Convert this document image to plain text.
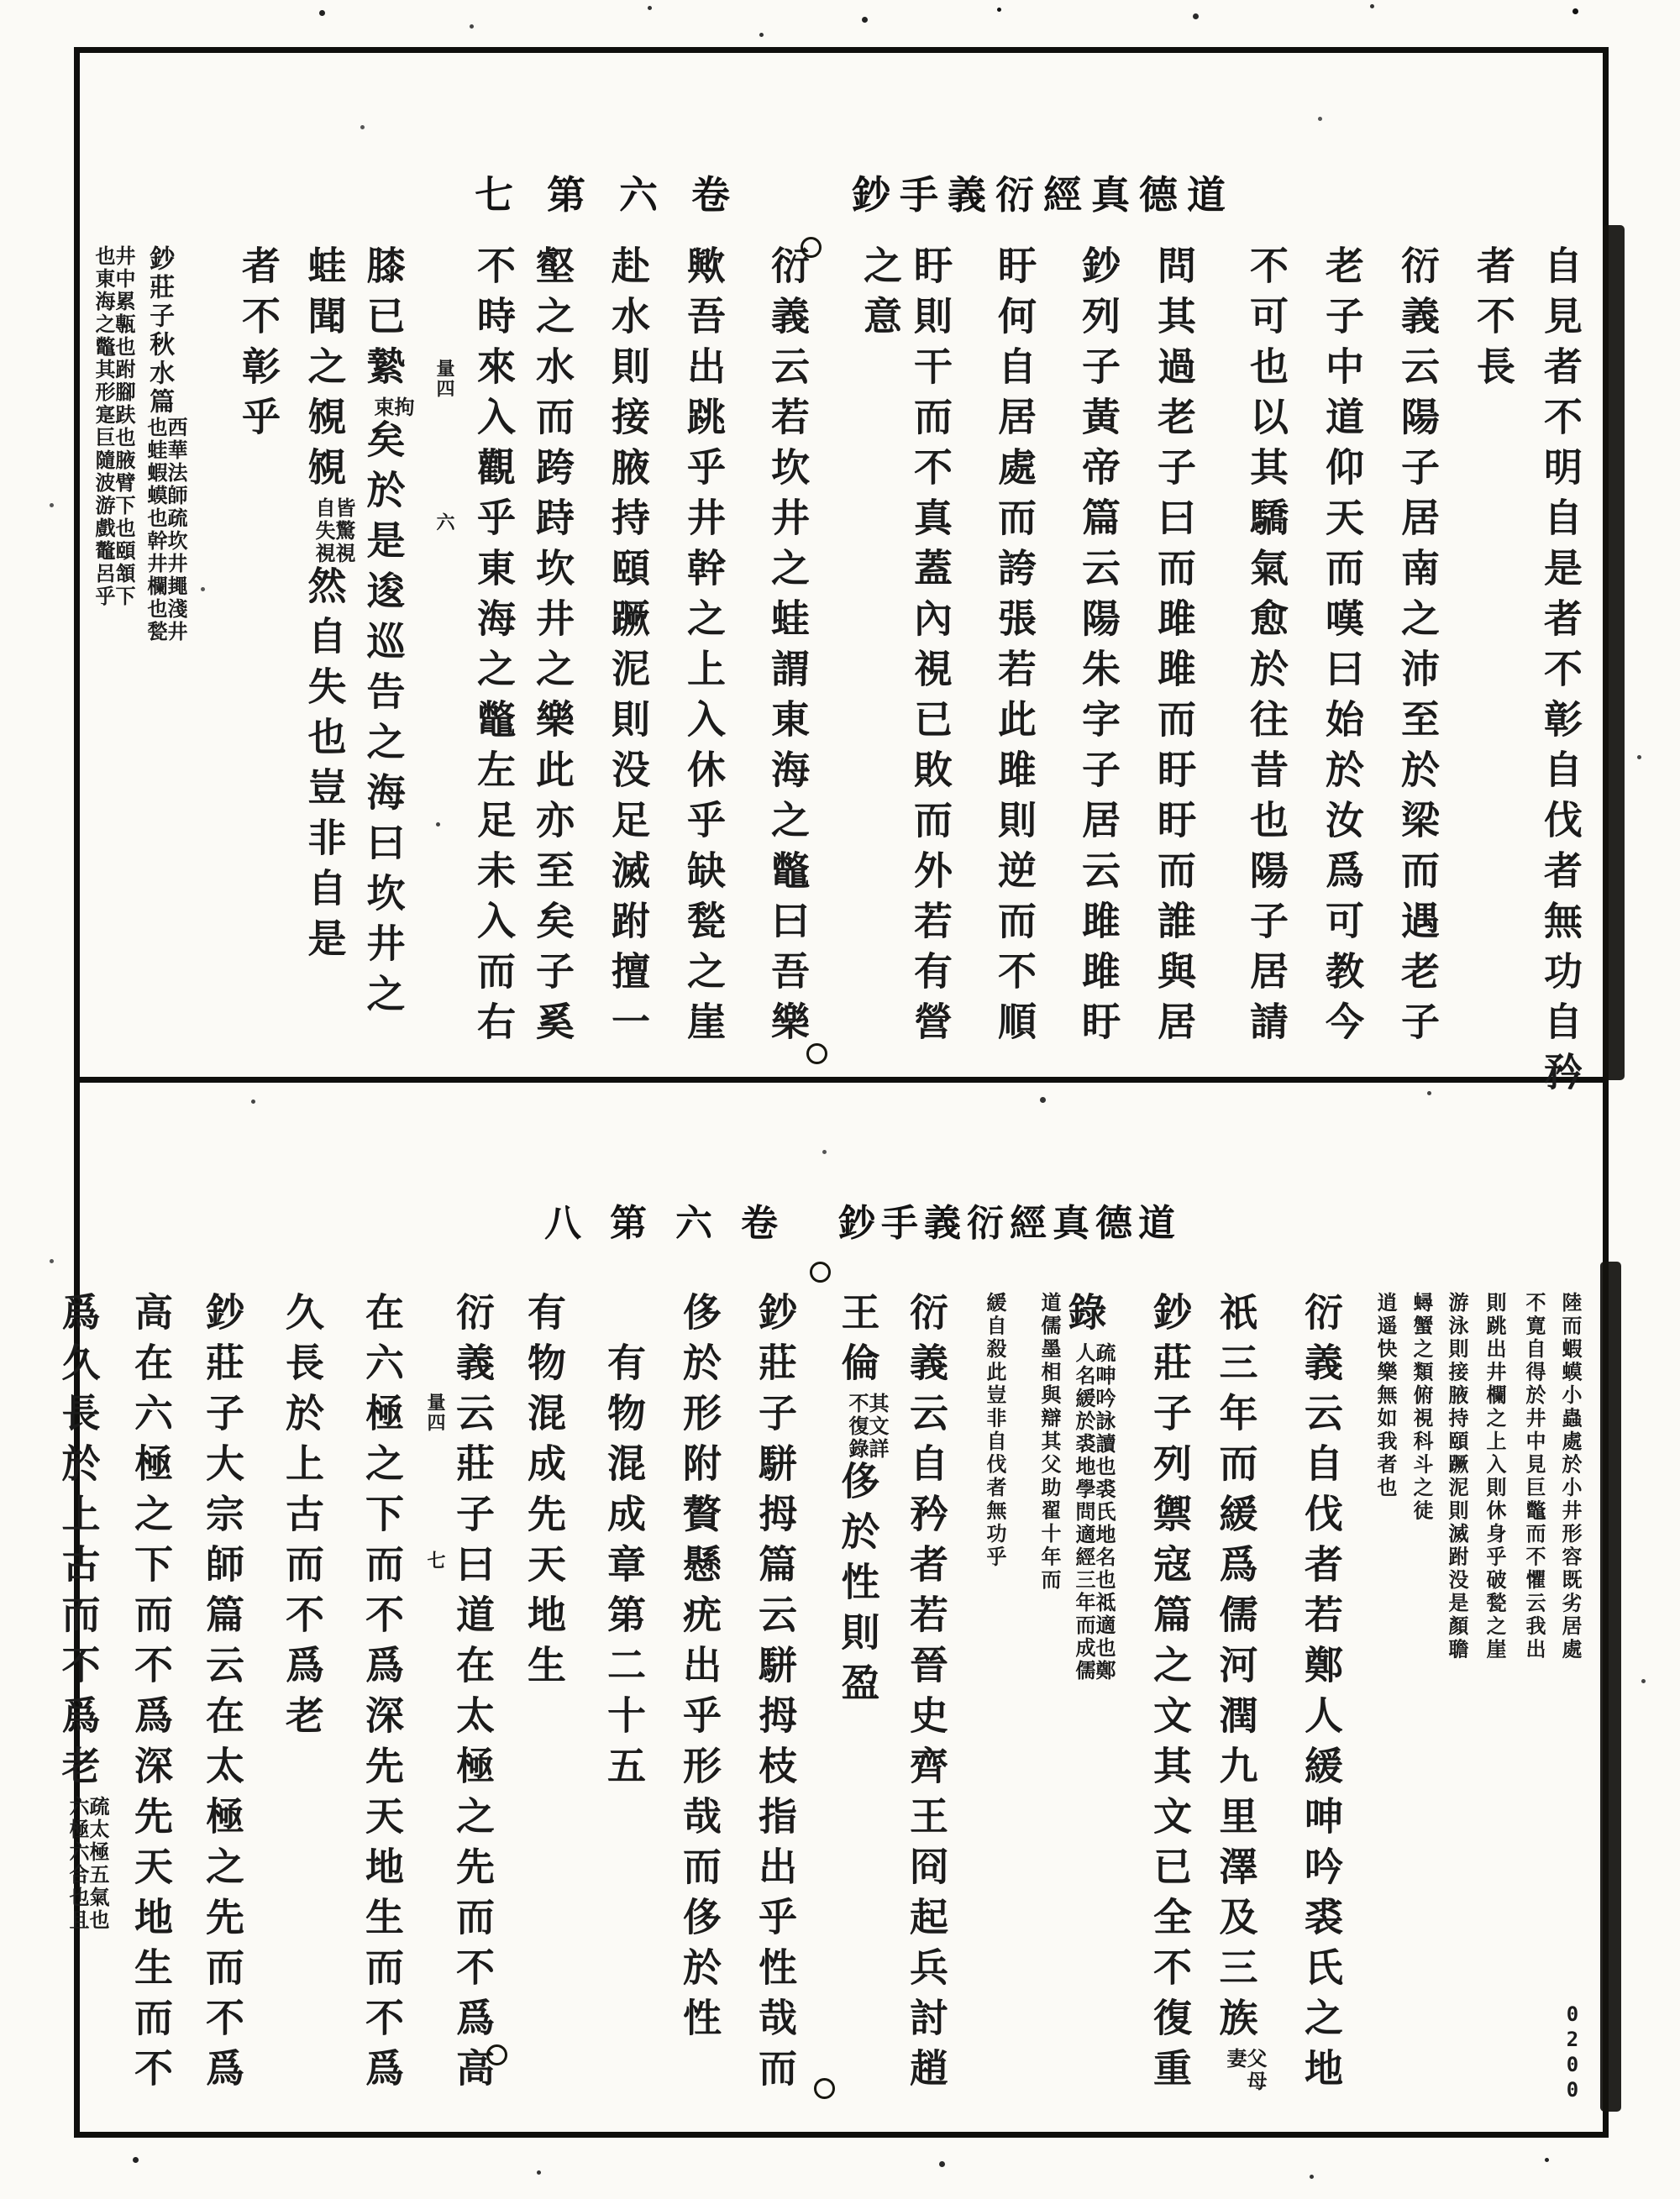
七第六卷 鈔手義衍經真德道
八第六卷 鈔手義衍經真德道
自見者不明自是者不彰自伐者無功自矜
者不長
衍義云陽子居南之沛至於梁而遇老子
老子中道仰天而嘆曰始於汝爲可教今
不可也以其驕氣愈於往昔也陽子居請
問其過老子曰而雎雎而盱盱而誰與居
鈔列子黃帝篇云陽朱字子居云雎雎盱
盱何自居處而誇張若此雎則逆而不順
盱則干而不真蓋內視已敗而外若有營
之意
衍義云若坎井之蛙謂東海之鼈曰吾樂
歟吾出跳乎井幹之上入休乎缺甃之崖
赴水則接腋持頤蹶泥則没足滅跗擅一
壑之水而跨跱坎井之樂此亦至矣子奚
不時來入觀乎東海之鼈左足未入而右
量四六
膝已縶
拘
束
矣於是逡巡告之海曰坎井之
蛙聞之覙覙
皆驚視
自失視
然自失也豈非自是
者不彰乎
鈔莊子秋水篇
西華法師疏坎井䵷淺井
也蛙蝦蟆也幹井欄也甃
井中累甎也跗腳趺也腋臂下也頤頷下
也東海之鼈其形寔巨隨波游戲鼇呂乎
陸而蝦蟆小蟲處於小井形容既劣居處
不寛自得於井中見巨鼈而不懼云我出
則跳出井欄之上入則休身乎破甃之崖
游泳則接腋持頤蹶泥則滅跗没是顏聸
蟳蟹之類俯視科斗之徒
逍遥快樂無如我者也
衍義云自伐者若鄭人緩呻吟裘氏之地
祇三年而緩爲儒河潤九里澤及三族
父母
妻
鈔莊子列禦寇篇之文其文已全不復重
錄
疏呻吟詠讀也裘氏地名也祗適也鄭
人名緩於裘地學問適經三年而成儒
道儒墨相與辯其父助翟十年而
緩自殺此豈非自伐者無功乎
衍義云自矜者若晉史齊王冏起兵討趙
王倫
其文詳
不復錄
侈於性則盈
鈔莊子駢拇篇云駢拇枝指出乎性哉而
侈於形附贅懸疣出乎形哉而侈於性
有物混成章第二十五
有物混成先天地生
衍義云莊子曰道在太極之先而不爲高
量四七
在六極之下而不爲深先天地生而不爲
久長於上古而不爲老
鈔莊子大宗師篇云在太極之先而不爲
高在六極之下而不爲深先天地生而不
爲久長於上古而不爲老
疏太極五氣也
六極六合也且
0200
